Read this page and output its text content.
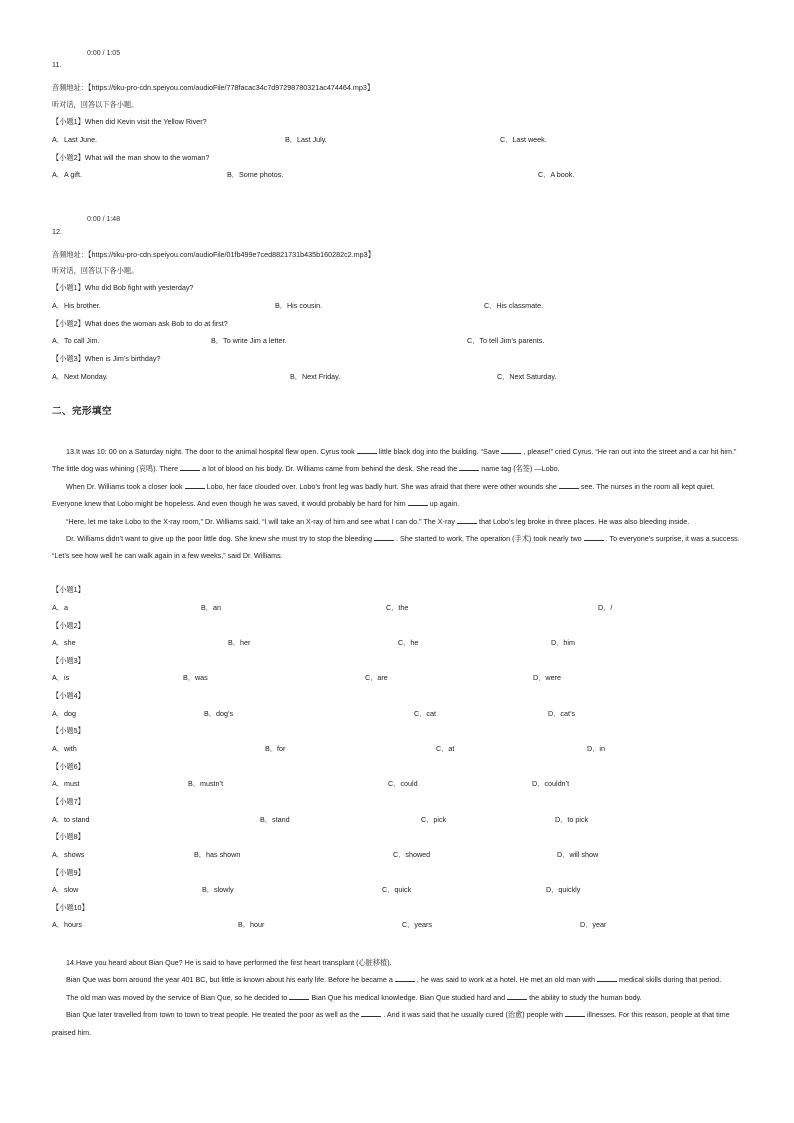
0:00 / 1:05
11.
音频地址：【https://tiku-pro-cdn.speiyou.com/audioFile/778facac34c7d97298780321ac474464.mp3】
听对话，回答以下各小题。
【小题1】When did Kevin visit the Yellow River?
A．Last June.	B．Last July.	C．Last week.
【小题2】What will the man show to the woman?
A．A gift.	B．Some photos.	C．A book.
0:00 / 1:48
12.
音频地址：【https://tiku-pro-cdn.speiyou.com/audioFile/01fb499e7ced8821731b435b160282c2.mp3】
听对话，回答以下各小题。
【小题1】Who did Bob fight with yesterday?
A．His brother.	B．His cousin.	C．His classmate.
【小题2】What does the woman ask Bob to do at first?
A．To call Jim.	B．To write Jim a letter.	C．To tell Jim’s parents.
【小题3】When is Jim’s birthday?
A．Next Monday.	B．Next Friday.	C．Next Saturday.
二、完形填空

13.It was 10: 00 on a Saturday night. The door to the animal hospital flew open. Cyrus took	little black dog into the building. “Save	, please!” cried Cyrus. “He ran out into the street and a car hit him.” The little dog was whining (哀鸣). There	a lot of blood on his body. Dr. Williams came from behind the desk. She read the	name tag (名签) —Lobo.

When Dr. Williams took a closer look	Lobo, her face clouded over. Lobo’s front leg was badly hurt. She was afraid that there were other wounds she	see. The nurses in the room all kept quiet. Everyone knew that Lobo might be hopeless. And even though he was saved, it would probably be hard for him	up again.

“Here, let me take Lobo to the X-ray room,” Dr. Williams said. “I will take an X-ray of him and see what I can do.” The X-ray	that Lobo’s leg broke in three places. He was also bleeding inside.

Dr. Williams didn’t want to give up the poor little dog. She knew she must try to stop the bleeding	. She started to work. The operation (手术) took nearly two	. To everyone’s surprise, it was a success. “Let’s see how well he can walk again in a few weeks,” said Dr. Williams.

【小题1】
A．a	B．an	C．the	D．/
【小题2】
A．she	B．her	C．he	D．him
【小题3】
A．is	B．was	C．are	D．were
【小题4】
A．dog	B．dog’s	C．cat	D．cat’s
【小题5】
A．with	B．for	C．at	D．in
【小题6】
A．must	B．mustn’t	C．could	D．couldn’t
【小题7】
A．to stand	B．stand	C．pick	D．to pick
【小题8】
A．shows	B．has shown	C．showed	D．will show
【小题9】
A．slow	B．slowly	C．quick	D．quickly
【小题10】
A．hours	B．hour	C．years	D．year

14.Have you heard about Bian Que? He is said to have performed the first heart transplant (心脏移植).

Bian Que was born around the year 401 BC, but little is known about his early life. Before he became a	, he was said to work at a hotel. He met an old man with	medical skills during that period.

The old man was moved by the service of Bian Que, so he decided to	Bian Que his medical knowledge. Bian Que studied hard and	the ability to study the human body.

Bian Que later travelled from town to town to treat people. He treated the poor as well as the	. And it was said that he usually cured (治愈) people with	illnesses. For this reason, people at that time praised him.
